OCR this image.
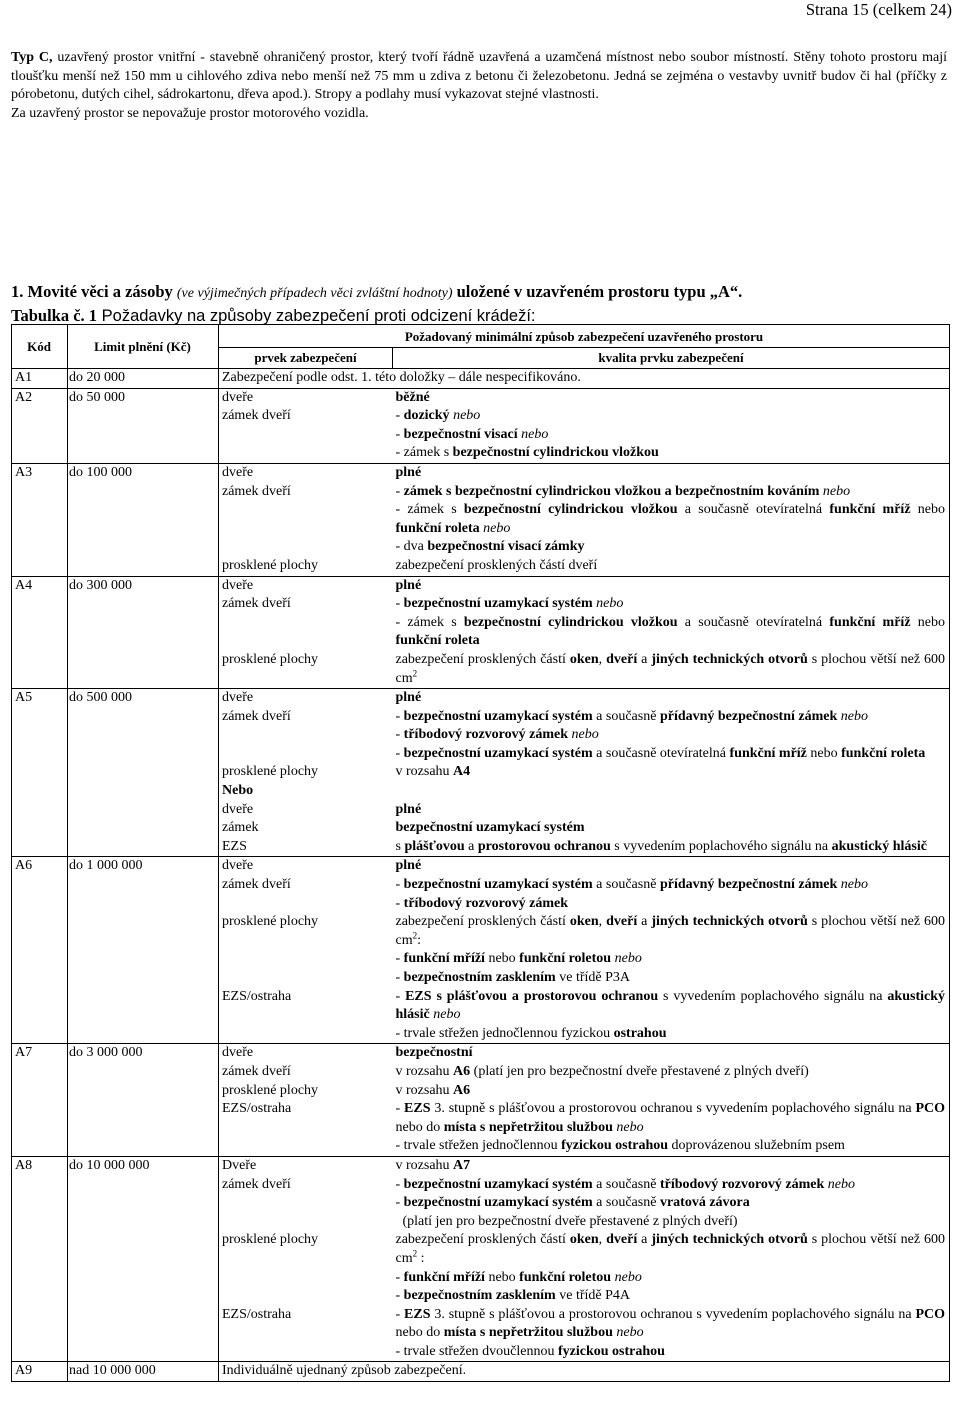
Strana 15 (celkem 24)

Typ C, uzavřený prostor vnitřní - stavebně ohraničený prostor, který tvoří řádně uzavřená a uzamčená místnost nebo soubor místností. Stěny tohoto prostoru mají tloušťku menší než 150 mm u cihlového zdiva nebo menší než 75 mm u zdiva z betonu či železobetonu. Jedná se zejména o vestavby uvnitř budov či hal (příčky z pórobetonu, dutých cihel, sádrokartonu, dřeva apod.). Stropy a podlahy musí vykazovat stejné vlastnosti.

Za uzavřený prostor se nepovažuje prostor motorového vozidla.

1. Movité věci a zásoby (ve výjimečných případech věci zvláštní hodnoty) uložené v uzavřeném prostoru typu „A“.
Tabulka č. 1 Požadavky na způsoby zabezpečení proti odcizení krádeží:
Kód	Limit plnění (Kč)	Požadovaný minimální způsob zabezpečení uzavřeného prostoru	
		prvek zabezpečení	kvalita prvku zabezpečení
A1	do 20 000	Zabezpečení podle odst. 1. této doložky – dále nespecifikováno.	
A2	do 50 000	dveře	běžné

		zámek dveří	- dozický nebo
- bezpečnostní visací nebo
- zámek s bezpečnostní cylindrickou vložkou

A3	do 100 000	dveře	plné

		zámek dveří	- zámek s bezpečnostní cylindrickou vložkou a bezpečnostním kováním nebo
- zámek s bezpečnostní cylindrickou vložkou a současně otevíratelná funkční mříž nebo funkční roleta nebo
- dva bezpečnostní visací zámky

		prosklené plochy	zabezpečení prosklených částí dveří

A4	do 300 000	dveře	plné

		zámek dveří	- bezpečnostní uzamykací systém nebo
- zámek s bezpečnostní cylindrickou vložkou a současně otevíratelná funkční mříž nebo funkční roleta

		prosklené plochy	zabezpečení prosklených částí oken, dveří a jiných technických otvorů s plochou větší než 600 $cm^2$

A5	do 500 000	dveře	plné

		zámek dveří	- bezpečnostní uzamykací systém a současně přídavný bezpečnostní zámek nebo
- tříbodový rozvorový zámek nebo
- bezpečnostní uzamykací systém a současně otevíratelná funkční mříž nebo funkční roleta

		prosklené plochy	v rozsahu A4

		Nebo	

		dveře	plné

		zámek	bezpečnostní uzamykací systém

		EZS	s plášťovou a prostorovou ochranou s vyvedením poplachového signálu na akustický hlásič

A6	do 1 000 000	dveře	plné

		zámek dveří	- bezpečnostní uzamykací systém a současně přídavný bezpečnostní zámek nebo
- tříbodový rozvorový zámek

		prosklené plochy	zabezpečení prosklených částí oken, dveří a jiných technických otvorů s plochou větší než 600 $cm^2$:
- funkční mříží nebo funkční roletou nebo
- bezpečnostním zasklením ve třídě P3A

		EZS/ostraha	- EZS s plášťovou a prostorovou ochranou s vyvedením poplachového signálu na akustický hlásič nebo
- trvale střežen jednočlennou fyzickou ostrahou

A7	do 3 000 000	dveře	bezpečnostní

		zámek dveří	v rozsahu A6 (platí jen pro bezpečnostní dveře přestavené z plných dveří)

		prosklené plochy	v rozsahu A6

		EZS/ostraha	- EZS 3. stupně s plášťovou a prostorovou ochranou s vyvedením poplachového signálu na PCO nebo do místa s nepřetržitou službou nebo
- trvale střežen jednočlennou fyzickou ostrahou doprovázenou služebním psem

A8	do 10 000 000	Dveře	v rozsahu A7

		zámek dveří	- bezpečnostní uzamykací systém a současně tříbodový rozvorový zámek nebo
- bezpečnostní uzamykací systém a současně vratová závora
(platí jen pro bezpečnostní dveře přestavené z plných dveří)

		prosklené plochy	zabezpečení prosklených částí oken, dveří a jiných technických otvorů s plochou větší než 600 $cm^2$ :
- funkční mříží nebo funkční roletou nebo
- bezpečnostním zasklením ve třídě P4A

		EZS/ostraha	- EZS 3. stupně s plášťovou a prostorovou ochranou s vyvedením poplachového signálu na PCO nebo do místa s nepřetržitou službou nebo
- trvale střežen dvoučlennou fyzickou ostrahou

A9	nad 10 000 000	Individuálně ujednaný způsob zabezpečení.	
